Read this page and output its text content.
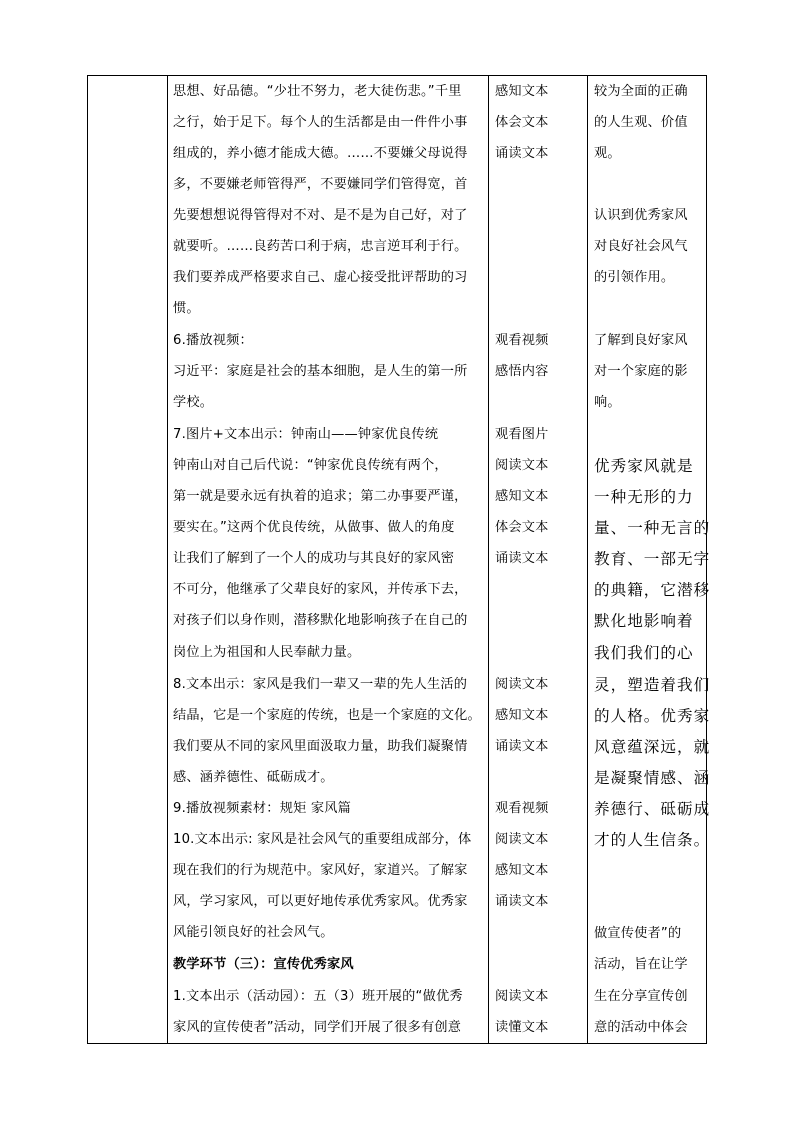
思想、好品德。“少壮不努力，老大徒伤悲。”千里
之行，始于足下。每个人的生活都是由一件件小事
组成的，养小德才能成大德。……不要嫌父母说得
多，不要嫌老师管得严，不要嫌同学们管得宽，首
先要想想说得管得对不对、是不是为自己好，对了
就要听。……良药苦口利于病，忠言逆耳利于行。
我们要养成严格要求自己、虚心接受批评帮助的习
惯。
6.播放视频：
习近平：家庭是社会的基本细胞，是人生的第一所
学校。
7.图片+文本出示：钟南山——钟家优良传统
钟南山对自己后代说：“钟家优良传统有两个，
第一就是要永远有执着的追求；第二办事要严谨，
要实在。”这两个优良传统，从做事、做人的角度
让我们了解到了一个人的成功与其良好的家风密
不可分，他继承了父辈良好的家风，并传承下去，
对孩子们以身作则，潜移默化地影响孩子在自己的
岗位上为祖国和人民奉献力量。
8.文本出示：家风是我们一辈又一辈的先人生活的
结晶，它是一个家庭的传统，也是一个家庭的文化。
我们要从不同的家风里面汲取力量，助我们凝聚情
感、涵养德性、砥砺成才。
9.播放视频素材：规矩 家风篇
10.文本出示: 家风是社会风气的重要组成部分，体
现在我们的行为规范中。家风好，家道兴。了解家
风，学习家风，可以更好地传承优秀家风。优秀家
风能引领良好的社会风气。
教学环节（三）：宣传优秀家风
1.文本出示（活动园）：五（3）班开展的“做优秀
家风的宣传使者”活动，同学们开展了很多有创意
感知文本
体会文本
诵读文本
观看视频
感悟内容
观看图片
阅读文本
感知文本
体会文本
诵读文本
阅读文本
感知文本
诵读文本
观看视频
阅读文本
感知文本
诵读文本
阅读文本
读懂文本
较为全面的正确
的人生观、价值
观。
认识到优秀家风
对良好社会风气
的引领作用。
了解到良好家风
对一个家庭的影
响。
优秀家风就是
一种无形的力
量、一种无言的
教育、一部无字
的典籍，它潜移
默化地影响着
我们我们的心
灵，塑造着我们
的人格。优秀家
风意蕴深远，就
是凝聚情感、涵
养德行、砥砺成
才的人生信条。
做宣传使者”的
活动，旨在让学
生在分享宣传创
意的活动中体会
